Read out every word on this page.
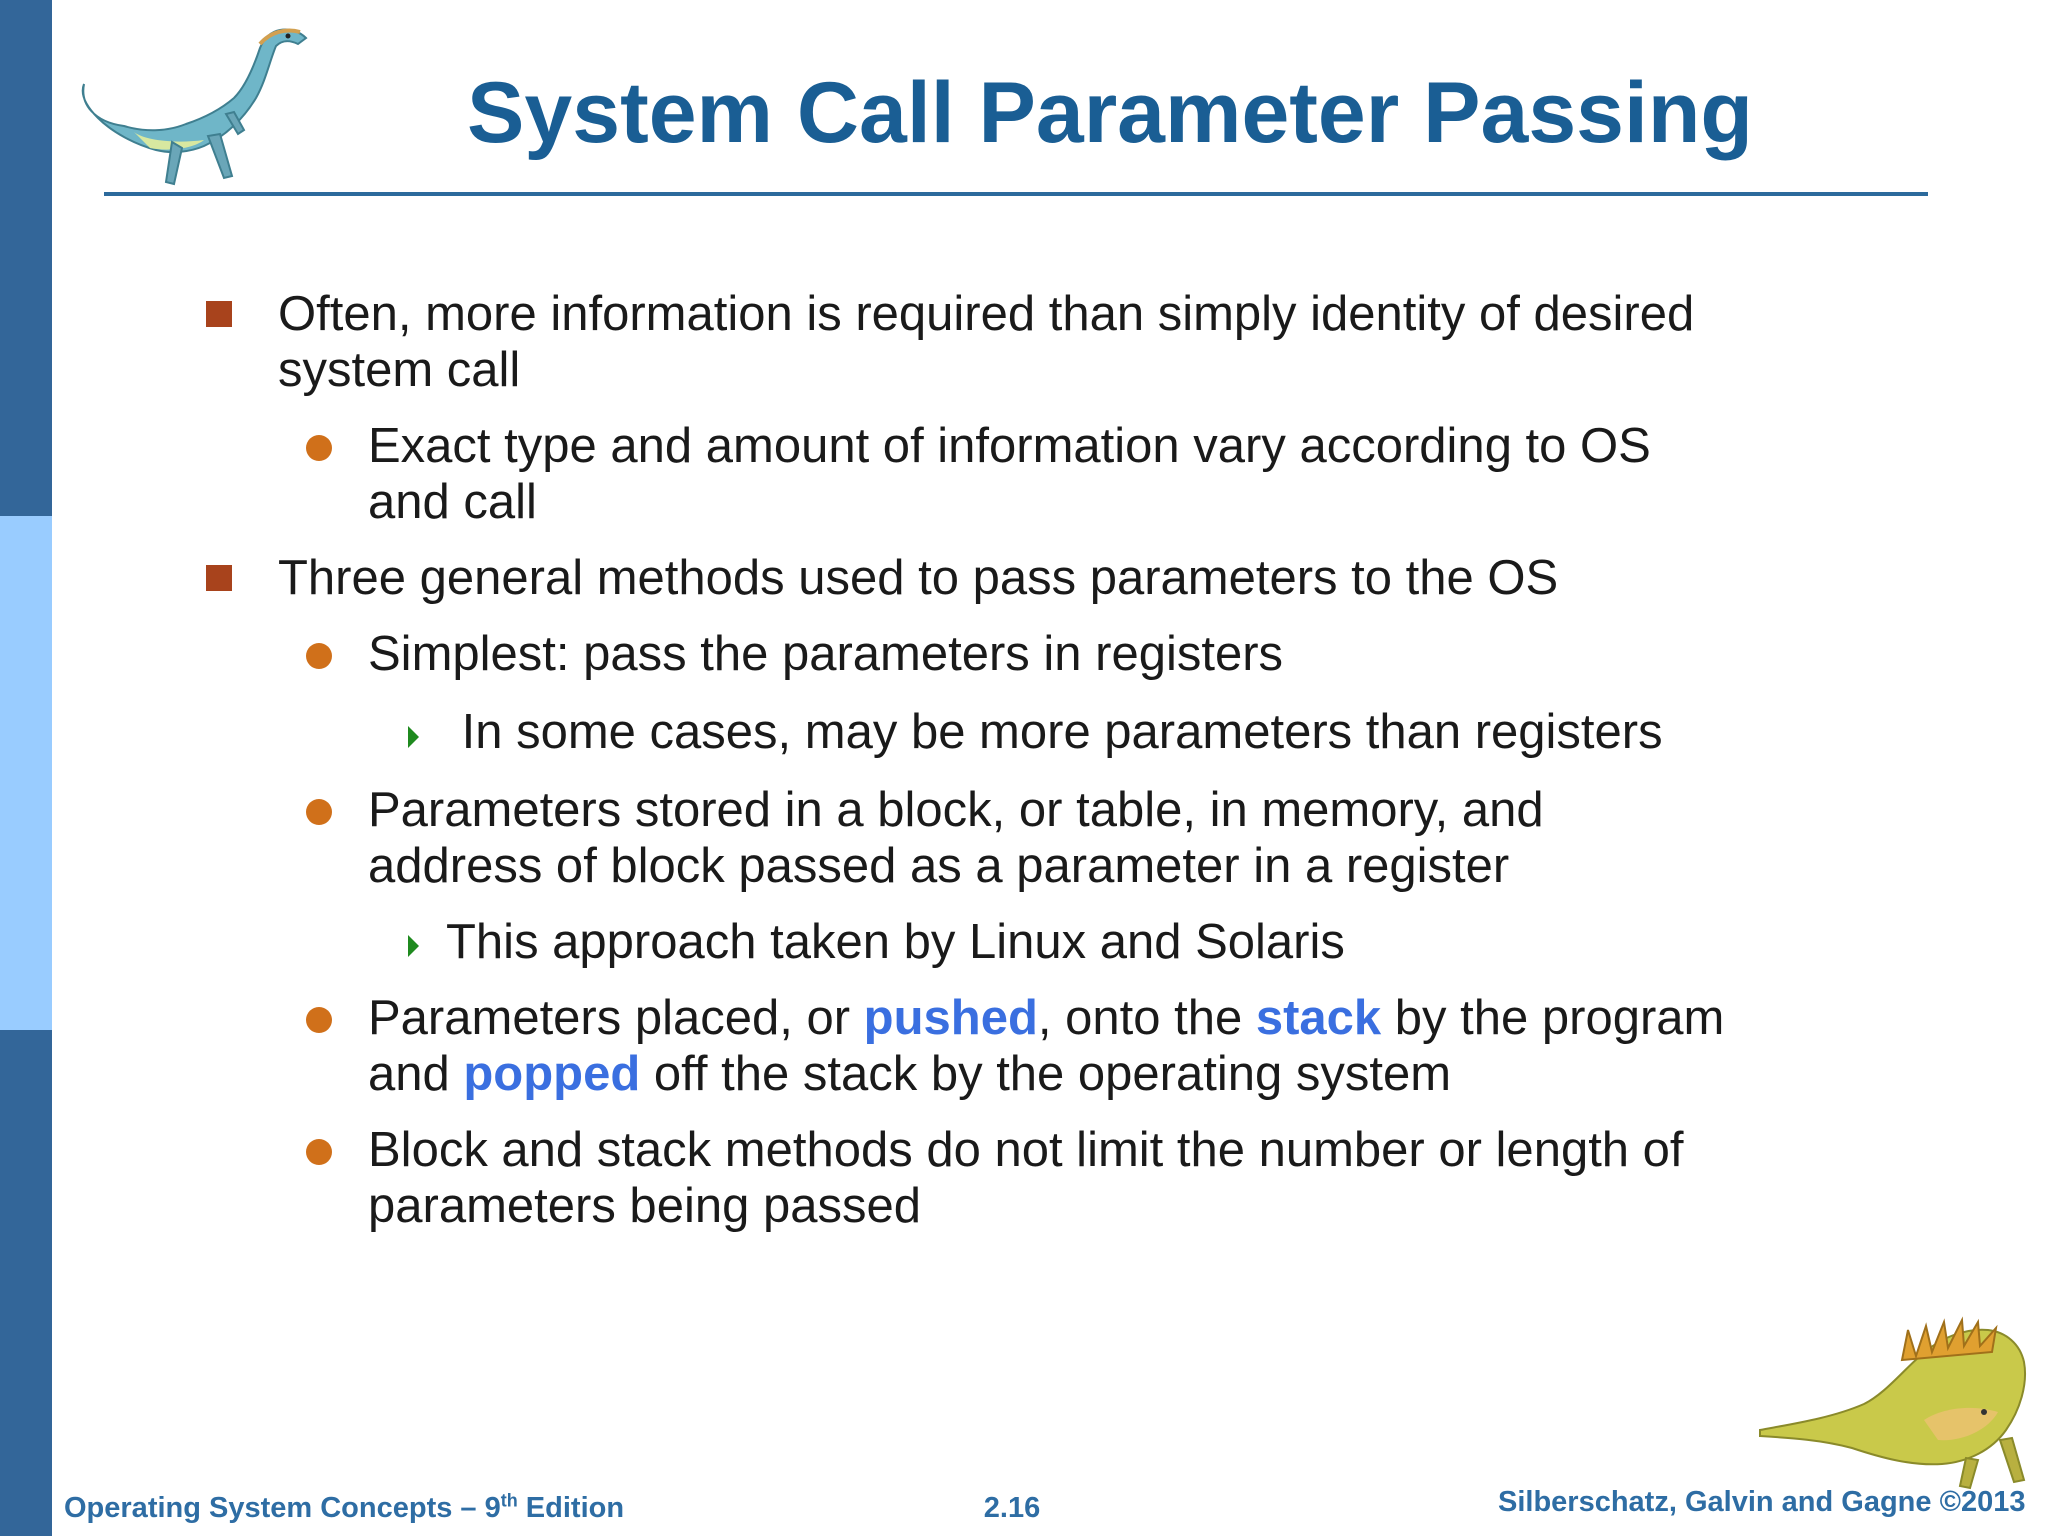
System Call Parameter Passing
Often, more information is required than simply identity of desired
system call
Exact type and amount of information vary according to OS
and call
Three general methods used to pass parameters to the OS
Simplest: pass the parameters in registers
In some cases, may be more parameters than registers
Parameters stored in a block, or table, in memory, and
address of block passed as a parameter in a register
This approach taken by Linux and Solaris
Parameters placed, or pushed, onto the stack by the program
and popped off the stack by the operating system
Block and stack methods do not limit the number or length of
parameters being passed
Operating System Concepts – 9th Edition	2.16	Silberschatz, Galvin and Gagne ©2013
